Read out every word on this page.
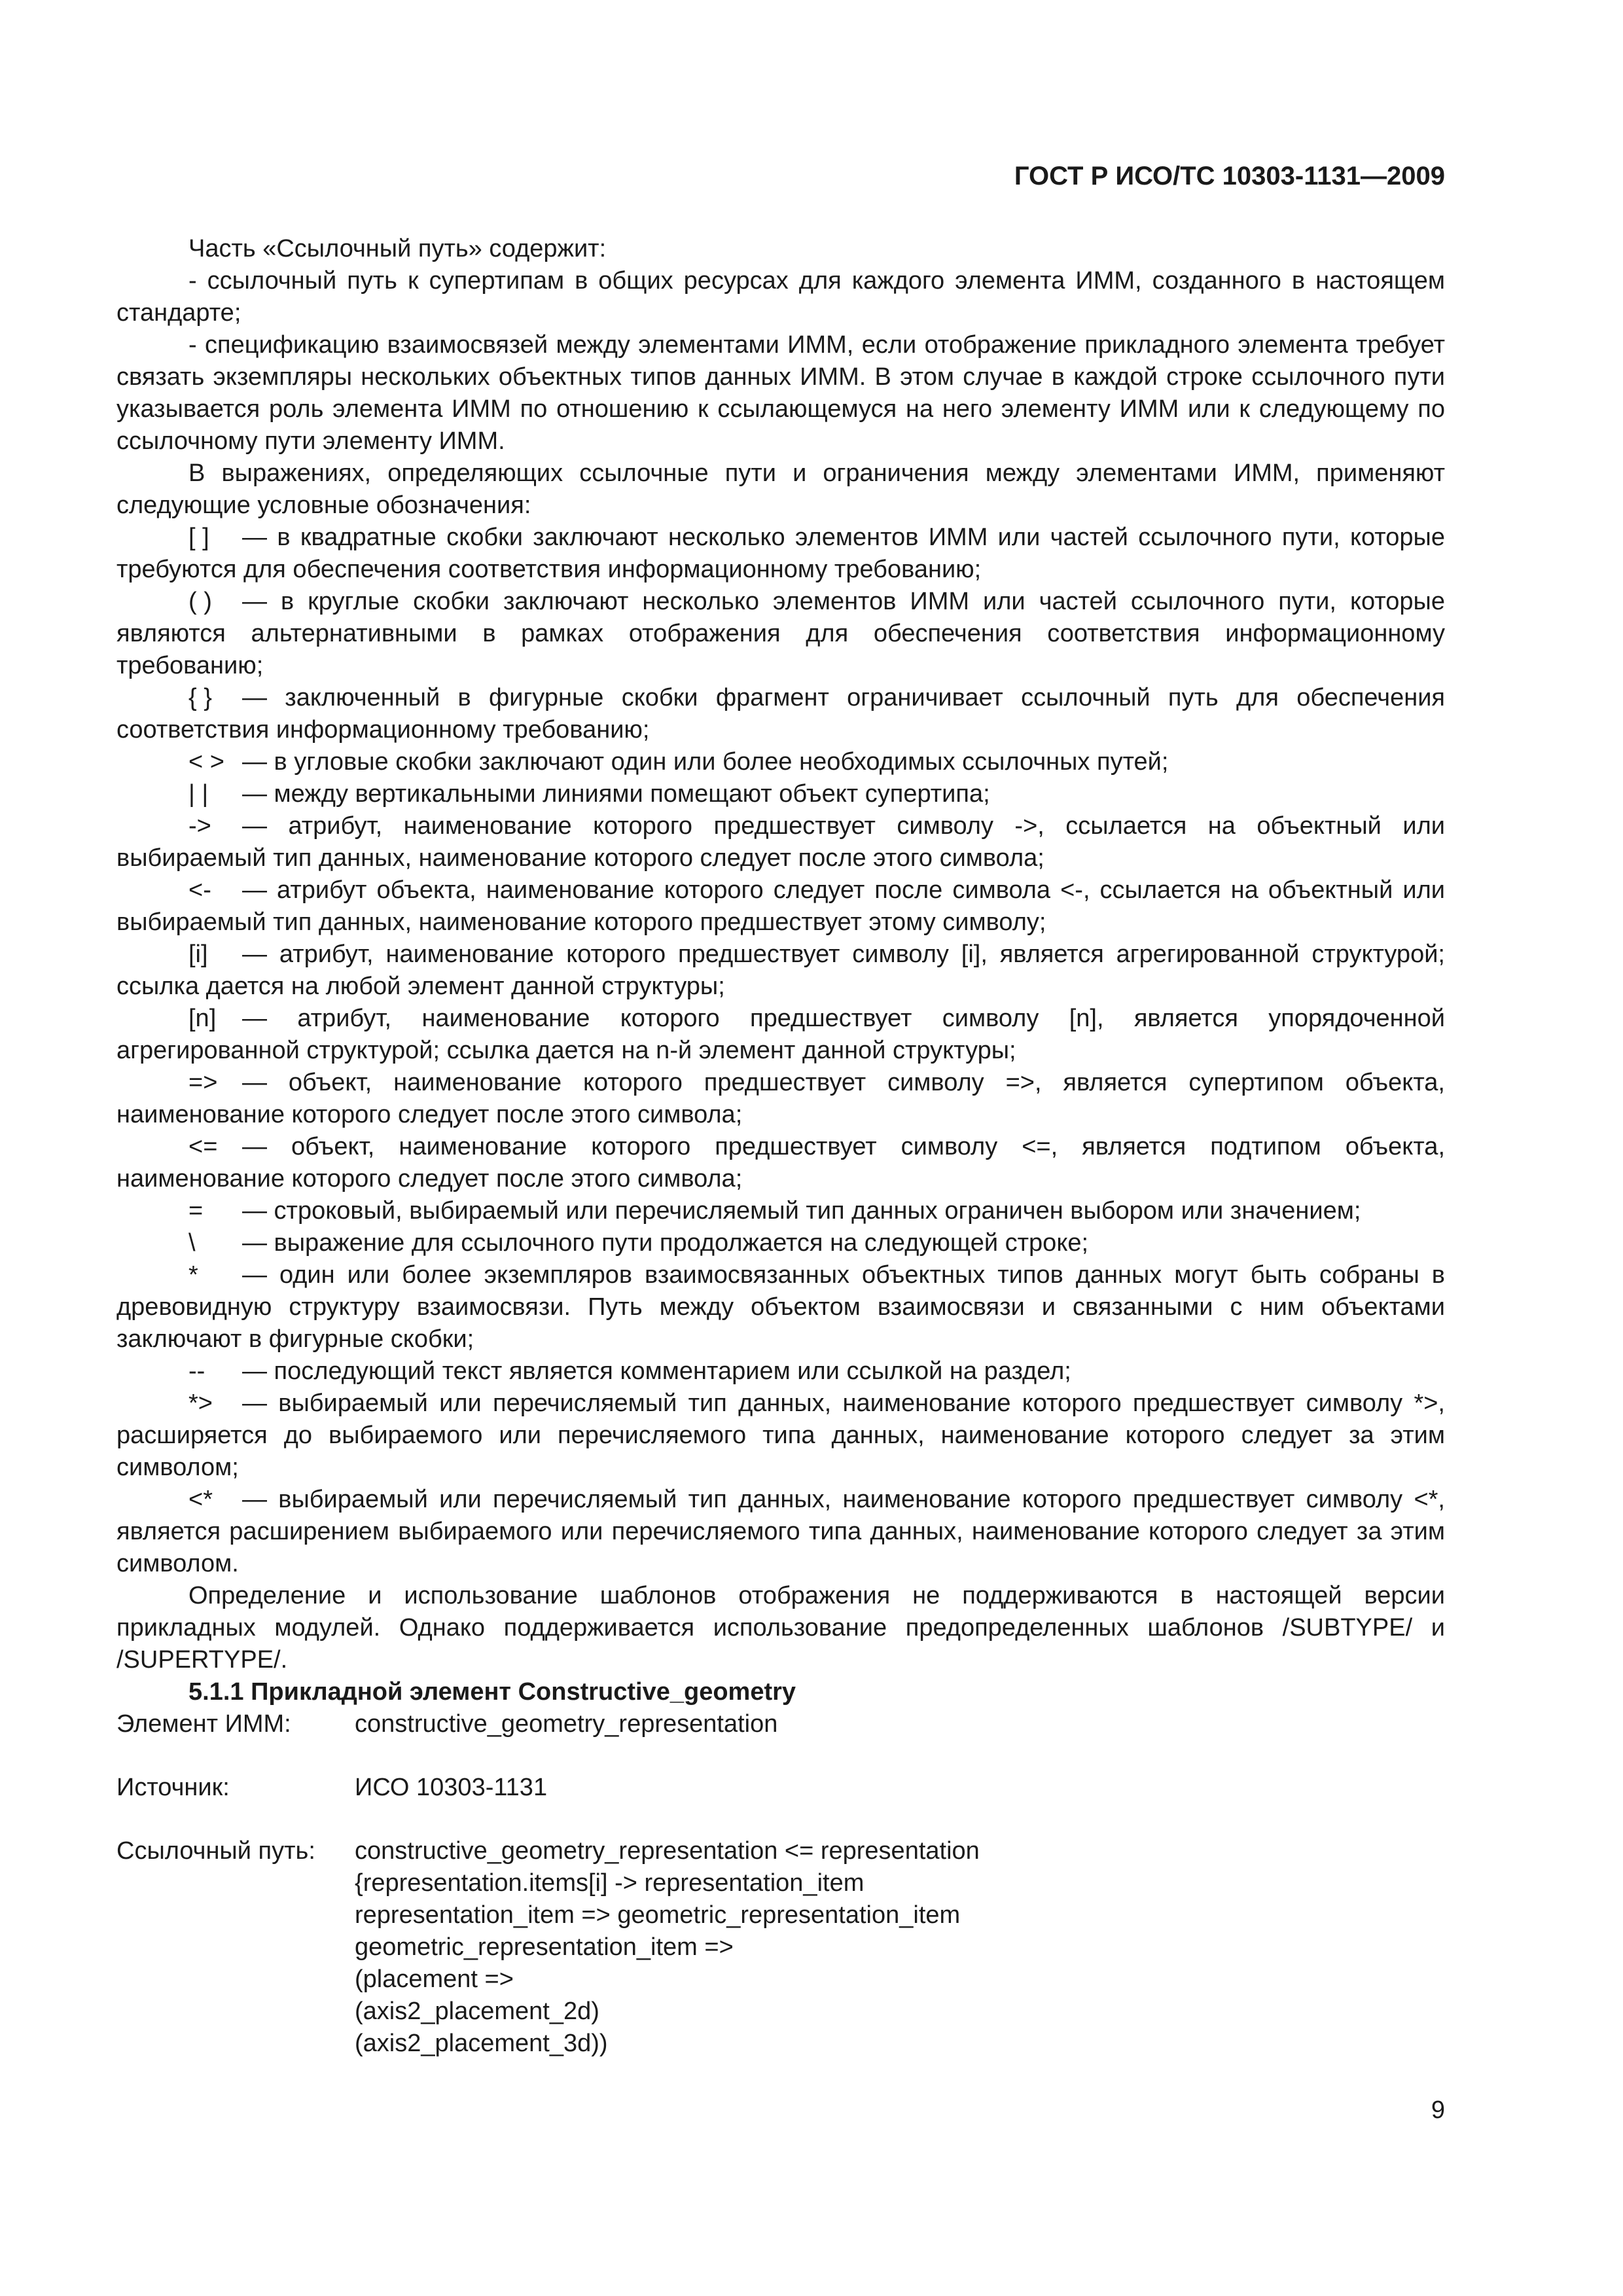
ГОСТ Р ИСО/ТС 10303-1131—2009

Часть «Ссылочный путь» содержит:

- ссылочный путь к супертипам в общих ресурсах для каждого элемента ИММ, созданного в настоящем стандарте;

- спецификацию взаимосвязей между элементами ИММ, если отображение прикладного элемента требует связать экземпляры нескольких объектных типов данных ИММ. В этом случае в каждой строке ссылочного пути указывается роль элемента ИММ по отношению к ссылающемуся на него элементу ИММ или к следующему по ссылочному пути элементу ИММ.

В выражениях, определяющих ссылочные пути и ограничения между элементами ИММ, применяют следующие условные обозначения:

[ ] — в квадратные скобки заключают несколько элементов ИММ или частей ссылочного пути, которые требуются для обеспечения соответствия информационному требованию;

( ) — в круглые скобки заключают несколько элементов ИММ или частей ссылочного пути, которые являются альтернативными в рамках отображения для обеспечения соответствия информационному требованию;

{ } — заключенный в фигурные скобки фрагмент ограничивает ссылочный путь для обеспечения соответствия информационному требованию;

< > — в угловые скобки заключают один или более необходимых ссылочных путей;

| | — между вертикальными линиями помещают объект супертипа;

-> — атрибут, наименование которого предшествует символу ->, ссылается на объектный или выбираемый тип данных, наименование которого следует после этого символа;

<- — атрибут объекта, наименование которого следует после символа <-, ссылается на объектный или выбираемый тип данных, наименование которого предшествует этому символу;

[i] — атрибут, наименование которого предшествует символу [i], является агрегированной структурой; ссылка дается на любой элемент данной структуры;

[n] — атрибут, наименование которого предшествует символу [n], является упорядоченной агрегированной структурой; ссылка дается на n-й элемент данной структуры;

=> — объект, наименование которого предшествует символу =>, является супертипом объекта, наименование которого следует после этого символа;

<= — объект, наименование которого предшествует символу <=, является подтипом объекта, наименование которого следует после этого символа;

= — строковый, выбираемый или перечисляемый тип данных ограничен выбором или значением;

\ — выражение для ссылочного пути продолжается на следующей строке;

* — один или более экземпляров взаимосвязанных объектных типов данных могут быть собраны в древовидную структуру взаимосвязи. Путь между объектом взаимосвязи и связанными с ним объектами заключают в фигурные скобки;

-- — последующий текст является комментарием или ссылкой на раздел;

*> — выбираемый или перечисляемый тип данных, наименование которого предшествует символу *>, расширяется до выбираемого или перечисляемого типа данных, наименование которого следует за этим символом;

<* — выбираемый или перечисляемый тип данных, наименование которого предшествует символу <*, является расширением выбираемого или перечисляемого типа данных, наименование которого следует за этим символом.

Определение и использование шаблонов отображения не поддерживаются в настоящей версии прикладных модулей. Однако поддерживается использование предопределенных шаблонов /SUBTYPE/ и /SUPERTYPE/.

5.1.1 Прикладной элемент Constructive_geometry

Элемент ИММ:	constructive_geometry_representation
Источник:	ИСО 10303-1131
Ссылочный путь:	constructive_geometry_representation <= representation
{representation.items[i] -> representation_item
representation_item => geometric_representation_item
geometric_representation_item =>
(placement =>
(axis2_placement_2d)
(axis2_placement_3d))
9
